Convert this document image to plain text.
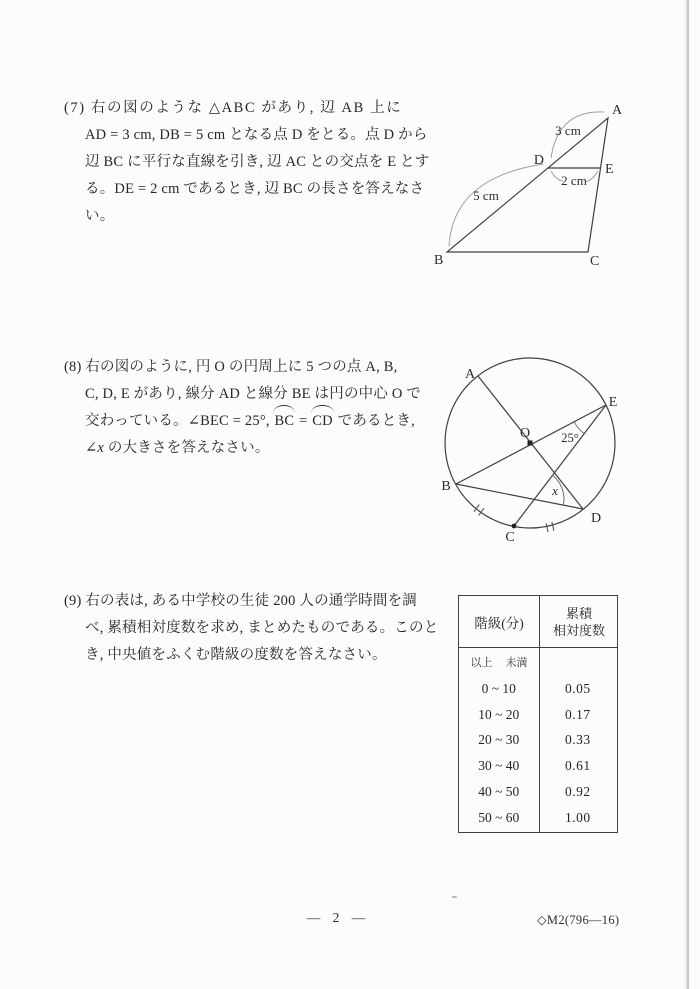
(7) 右の図のような △ABC があり, 辺 AB 上に
AD = 3 cm, DB = 5 cm となる点 D をとる。点 D から
辺 BC に平行な直線を引き, 辺 AC との交点を E とす
る。DE = 2 cm であるとき, 辺 BC の長さを答えなさ
い。
A
B	C
D
E
3 cm
5 cm
2 cm
(8) 右の図のように, 円 O の円周上に 5 つの点 A, B,
C, D, E があり, 線分 AD と線分 BE は円の中心 O で
交わっている。∠BEC = 25°, BC = CD であるとき,
∠x の大きさを答えなさい。
A
E
B
D
C
O 25°
x
(9) 右の表は, ある中学校の生徒 200 人の通学時間を調
べ, 累積相対度数を求め, まとめたものである。このと
き, 中央値をふくむ階級の度数を答えなさい。
階級(分)
累積
相対度数
以上 未満
0 ~ 10	0.05
10 ~ 20	0.17
20 ~ 30	0.33
30 ~ 40	0.61
40 ~ 50	0.92
50 ~ 60	1.00
— 2 —	◇M2(796—16)
